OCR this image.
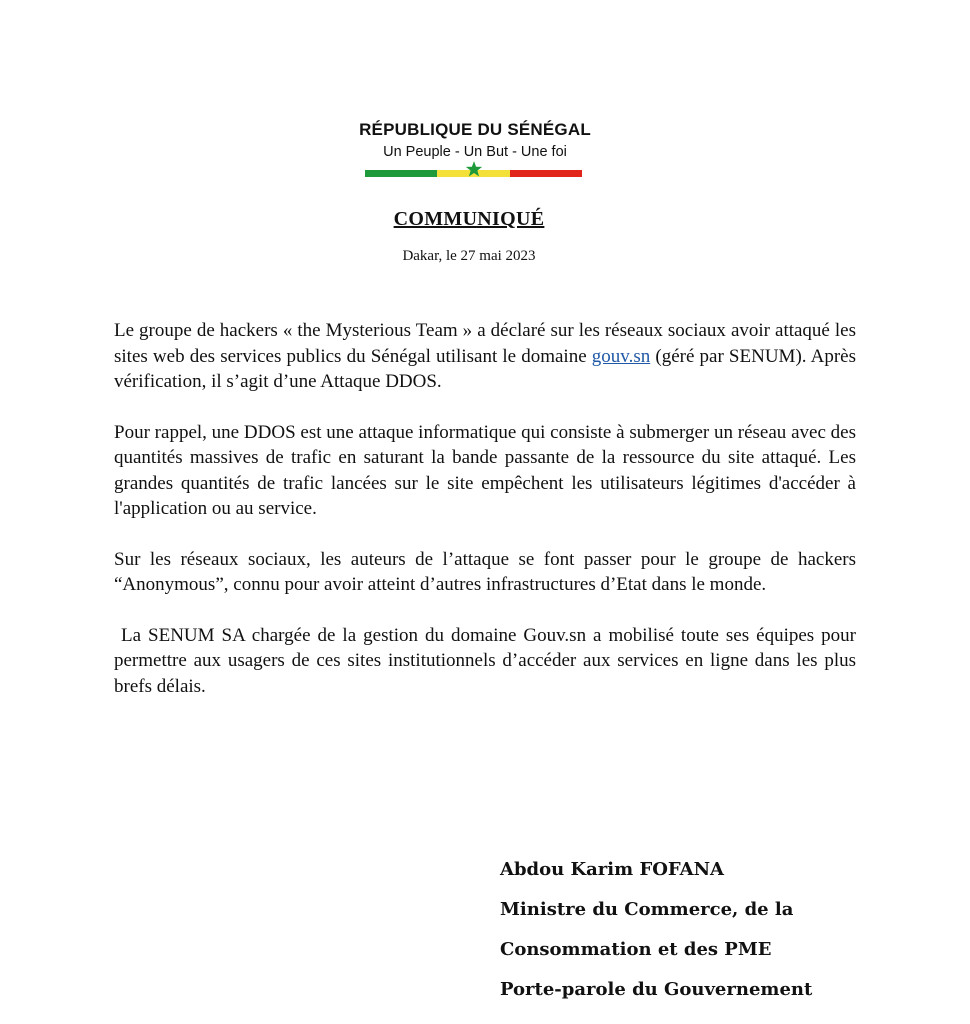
RÉPUBLIQUE DU SÉNÉGAL
Un Peuple - Un But - Une foi
COMMUNIQUÉ
Dakar, le 27 mai 2023

Le groupe de hackers « the Mysterious Team » a déclaré sur les réseaux sociaux avoir attaqué les sites web des services publics du Sénégal utilisant le domaine gouv.sn (géré par SENUM). Après vérification, il s’agit d’une Attaque DDOS.

Pour rappel, une DDOS est une attaque informatique qui consiste à submerger un réseau avec des quantités massives de trafic en saturant la bande passante de la ressource du site attaqué. Les grandes quantités de trafic lancées sur le site empêchent les utilisateurs légitimes d'accéder à l'application ou au service.

Sur les réseaux sociaux, les auteurs de l’attaque se font passer pour le groupe de hackers “Anonymous”, connu pour avoir atteint d’autres infrastructures d’Etat dans le monde.

La SENUM SA chargée de la gestion du domaine Gouv.sn a mobilisé toute ses équipes pour permettre aux usagers de ces sites institutionnels d’accéder aux services en ligne dans les plus brefs délais.

Abdou Karim FOFANA
Ministre du Commerce, de la
Consommation et des PME
Porte-parole du Gouvernement
